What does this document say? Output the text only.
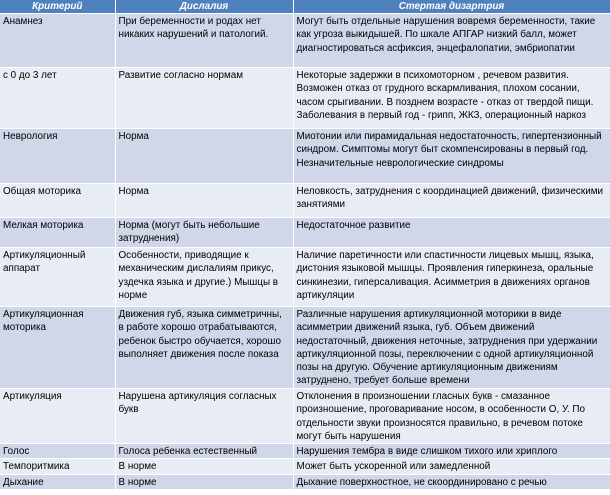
Критерий	Дислалия	Стертая дизартрия
Анамнез	При беременности и родах нет никаких нарушений и патологий.	Могут быть отдельные нарушения вовремя беременности, такие как угроза выкидышей. По шкале АПГАР низкий балл, может диагностироваться асфиксия, энцефалопатии, эмбриопатии
с 0 до 3 лет	Развитие согласно нормам	Некоторые задержки в психомоторном , речевом развития. Возможен отказ от грудного вскармливания, плохом сосании, часом срыгивании. В позднем возрасте - отказ от твердой пищи. Заболевания в первый год - грипп, ЖКЗ, операционный наркоз
Неврология	Норма	Миотонии или пирамидальная недостаточность, гипертензионный синдром. Симптомы могут быт скомпенсированы в первый год. Незначительные неврологические синдромы
Общая моторика	Норма	Неловкость, затруднения с координацией движений, физическими занятиями
Мелкая моторика	Норма (могут быть небольшие затруднения)	Недостаточное развитие
Артикуляционный аппарат	Особенности, приводящие к механическим дислалиям прикус, уздечка языка и другие.) Мышцы в норме	Наличие паретичности или спастичности лицевых мышц, языка, дистония языковой мышцы. Проявления гиперкинеза, оральные синкинезии, гиперсаливация. Асимметрия в движениях органов артикуляции
Артикуляционная моторика	Движения губ, языка симметричны, в работе хорошо отрабатываются, ребенок быстро обучается, хорошо выполняет движения после показа	Различные нарушения артикуляционной моторики в виде асимметрии движений языка, губ. Объем движений недостаточный, движения неточные, затруднения при удержании артикуляционной позы, переключении с одной артикуляционной позы на другую. Обучение артикуляционным движениям затруднено, требует больше времени
Артикуляция	Нарушена артикуляция согласных букв	Отклонения в произношении гласных букв - смазанное произношение, проговаривание носом, в особенности О, У. По отдельности звуки произносятся правильно, в речевом потоке могут быть нарушения
Голос	Голоса ребенка естественный	Нарушения тембра в виде слишком тихого или хриплого
Темпоритмика	В норме	Может быть ускоренной или замедленной
Дыхание	В норме	Дыхание поверхностное, не скоординировано с речью
